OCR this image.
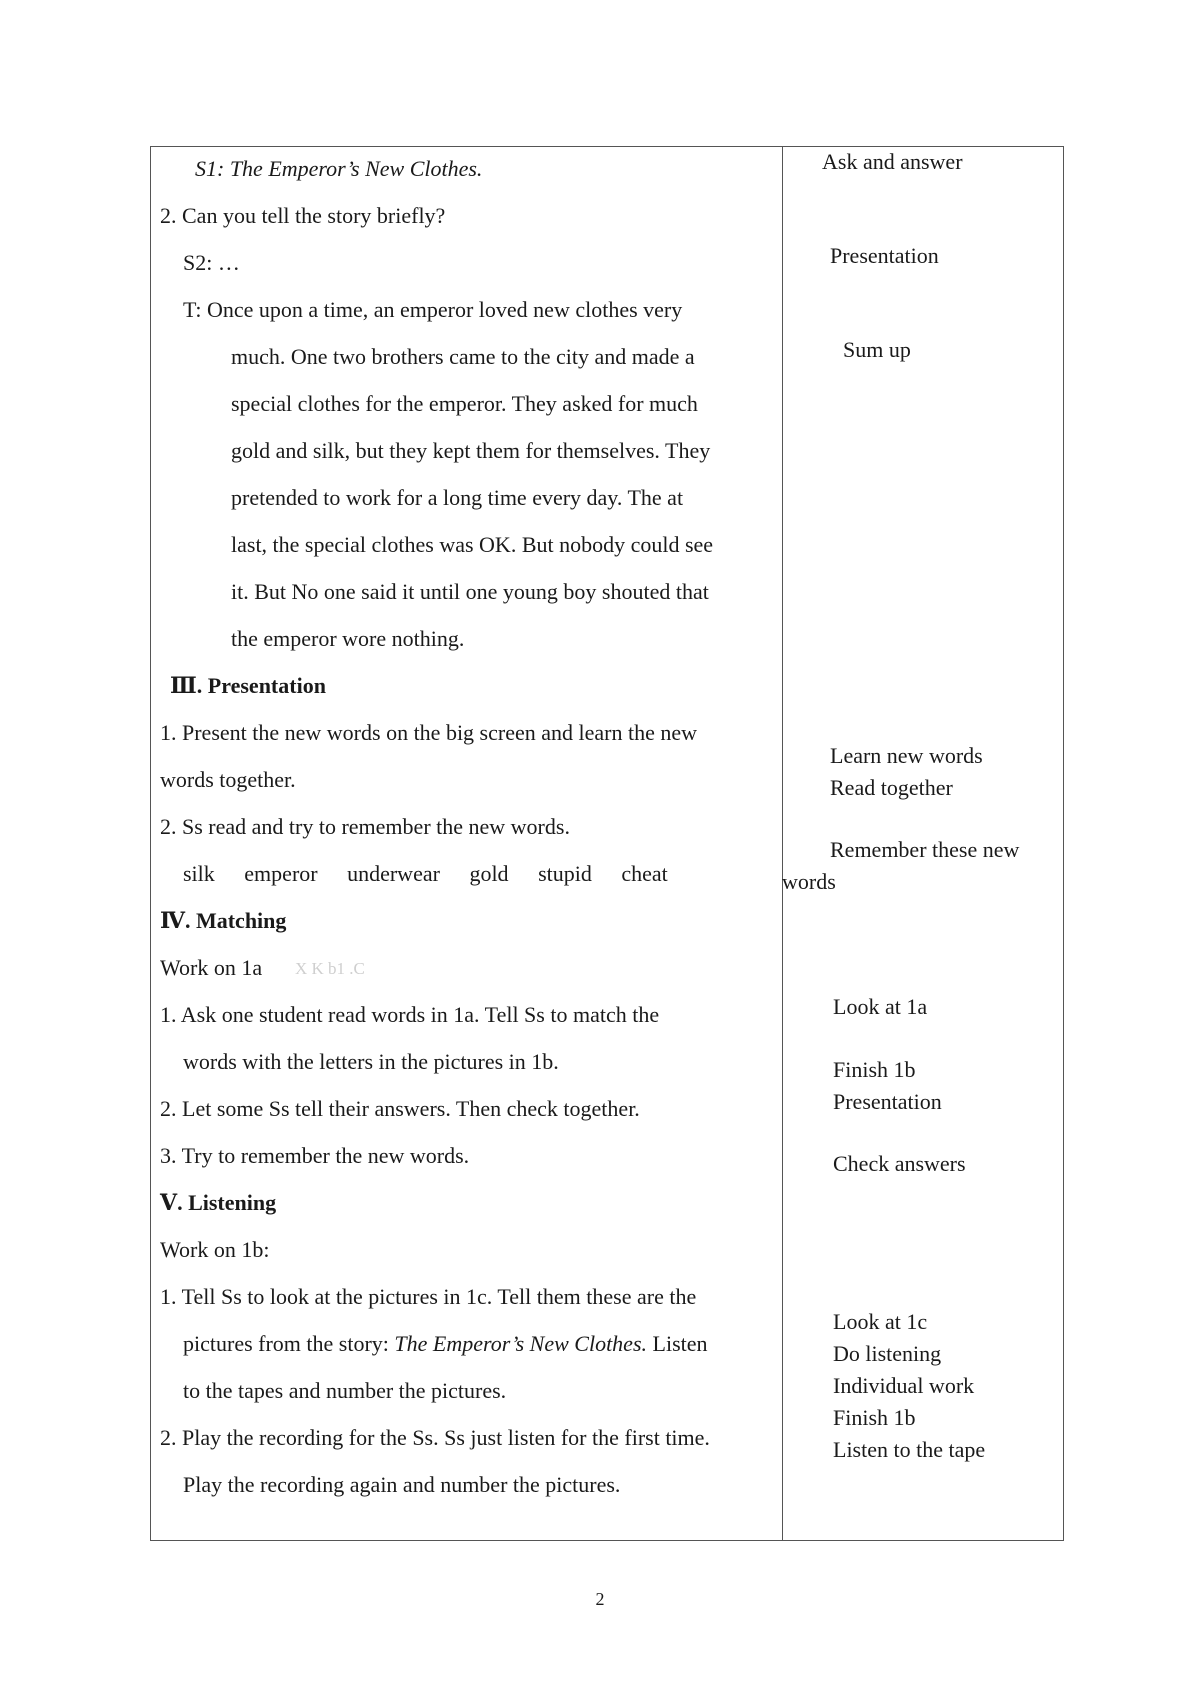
S1: The Emperor’s New Clothes.
2. Can you tell the story briefly?
S2: …
T: Once upon a time, an emperor loved new clothes very
much. One two brothers came to the city and made a
special clothes for the emperor. They asked for much
gold and silk, but they kept them for themselves. They
pretended to work for a long time every day. The at
last, the special clothes was OK. But nobody could see
it. But No one said it until one young boy shouted that
the emperor wore nothing.
Ⅲ. Presentation
1. Present the new words on the big screen and learn the new
words together.
2. Ss read and try to remember the new words.
silk emperor underwear gold stupid cheat
Ⅳ. Matching
Work on 1a X K b1 .C
1. Ask one student read words in 1a. Tell Ss to match the
words with the letters in the pictures in 1b.
2. Let some Ss tell their answers. Then check together.
3. Try to remember the new words.
Ⅴ. Listening
Work on 1b:
1. Tell Ss to look at the pictures in 1c. Tell them these are the
pictures from the story: The Emperor’s New Clothes. Listen
to the tapes and number the pictures.
2. Play the recording for the Ss. Ss just listen for the first time.
Play the recording again and number the pictures.
Ask and answer
Presentation
Sum up
Learn new words
Read together
Remember these new
words
Look at 1a
Finish 1b
Presentation
Check answers
Look at 1c
Do listening
Individual work
Finish 1b
Listen to the tape
2
